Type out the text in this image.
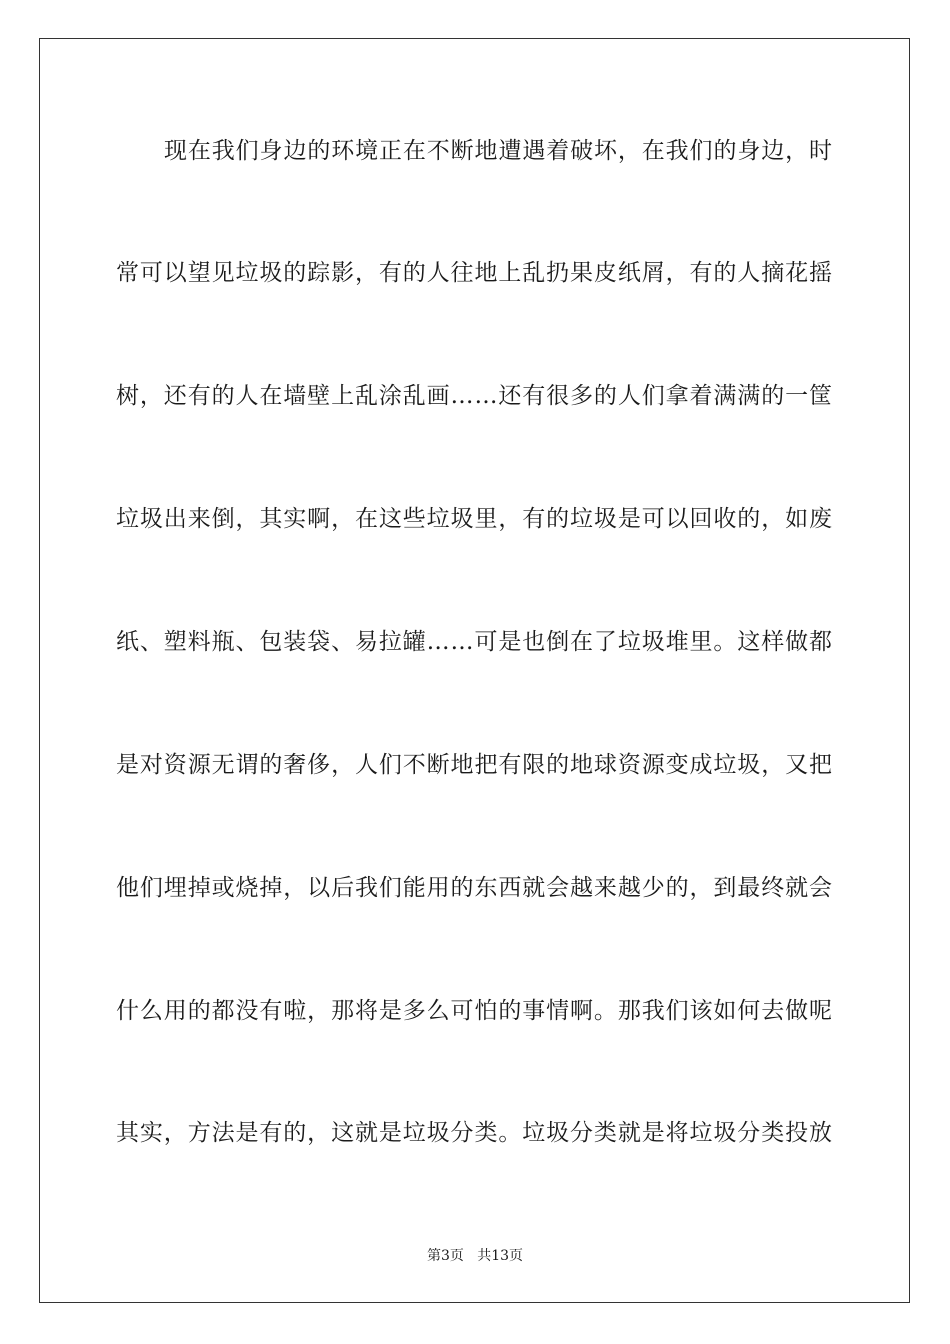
现在我们身边的环境正在不断地遭遇着破坏，在我们的身边，时
常可以望见垃圾的踪影，有的人往地上乱扔果皮纸屑，有的人摘花摇
树，还有的人在墙壁上乱涂乱画……还有很多的人们拿着满满的一筐
垃圾出来倒，其实啊，在这些垃圾里，有的垃圾是可以回收的，如废
纸、塑料瓶、包装袋、易拉罐……可是也倒在了垃圾堆里。这样做都
是对资源无谓的奢侈，人们不断地把有限的地球资源变成垃圾，又把
他们埋掉或烧掉，以后我们能用的东西就会越来越少的，到最终就会
什么用的都没有啦，那将是多么可怕的事情啊。那我们该如何去做呢
其实，方法是有的，这就是垃圾分类。垃圾分类就是将垃圾分类投放
第3页   共13页
